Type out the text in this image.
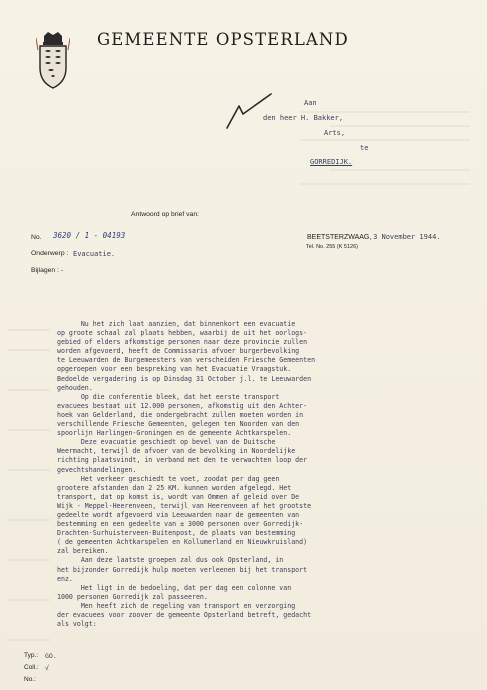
GEMEENTE OPSTERLAND
Aan
den heer H. Bakker,
Arts,
te
GORREDIJK.
Antwoord op brief van:
No. 3620 / 1 - 04193
Onderwerp : Evacuatie.
Bijlagen : -
BEETSTERZWAAG, 3 November 1944.
Tel. No. 255 (K 5126)
Nu het zich laat aanzien, dat binnenkort een evacuatie
op groote schaal zal plaats hebben, waarbij de uit het oorlogs-
gebied of elders afkomstige personen naar deze provincie zullen
worden afgevoerd, heeft de Commissaris afvoer burgerbevolking
te Leeuwarden de Burgemeesters van verscheiden Friesche Gemeenten
opgeroepen voor een bespreking van het Evacuatie Vraagstuk.
Bedoelde vergadering is op Dinsdag 31 October j.l. te Leeuwarden
gehouden.
Op die conferentie bleek, dat het eerste transport
evacuees bestaat uit 12.000 personen, afkomstig uit den Achter-
hoek van Gelderland, die ondergebracht zullen moeten worden in
verschillende Friesche Gemeenten, gelegen ten Noorden van den
spoorlijn Harlingen-Groningen en de gemeente Achtkarspelen.
Deze evacuatie geschiedt op bevel van de Duitsche
Weermacht, terwijl de afvoer van de bevolking in Noordelijke
richting plaatsvindt, in verband met den te verwachten loop der
gevechtshandelingen.
Het verkeer geschiedt te voet, zoodat per dag geen
grootere afstanden dan 2 25 KM. kunnen worden afgelegd. Het
transport, dat op komst is, wordt van Ommen af geleid over De
Wijk - Meppel-Heerenveen, terwijl van Heerenveen af het grootste
gedeelte wordt afgevoerd via Leeuwarden naar de gemeenten van
bestemming en een gedeelte van ± 3000 personen over Gorredijk-
Drachten-Surhuisterveen-Buitenpost, de plaats van bestemming
( de gemeenten Achtkarspelen en Kollumerland en Nieuwkruisland)
zal bereiken.
Aan deze laatste groepen zal dus ook Opsterland, in
het bijzonder Gorredijk hulp moeten verleenen bij het transport
enz.
Het ligt in de bedoeling, dat per dag een colonne van
1000 personen Gorredijk zal passeeren.
Men heeft zich de regeling van transport en verzorging
der evacuees voor zoover de gemeente Opsterland betreft, gedacht
als volgt:
Typ.: GO.
Coll.: √
No.:
